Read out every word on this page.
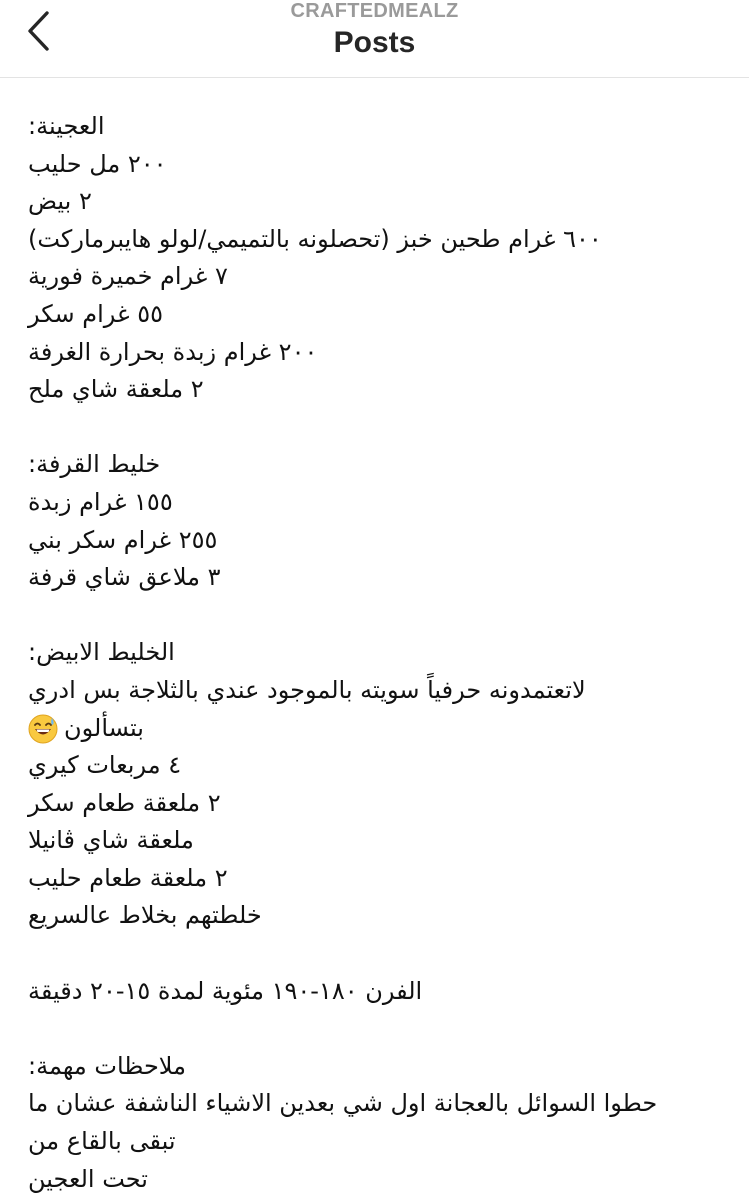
CRAFTEDMEALZ
Posts
العجينة:
٢٠٠ مل حليب
٢ بيض
٦٠٠ غرام طحين خبز (تحصلونه بالتميمي/لولو هايبرماركت)
٧ غرام خميرة فورية
٥٥ غرام سكر
٢٠٠ غرام زبدة بحرارة الغرفة
٢ ملعقة شاي ملح
خليط القرفة:
١٥٥ غرام زبدة
٢٥٥ غرام سكر بني
٣ ملاعق شاي قرفة
الخليط الابيض:
لاتعتمدونه حرفياً سويته بالموجود عندي بالثلاجة بس ادري
بتسألون
٤ مربعات كيري
٢ ملعقة طعام سكر
ملعقة شاي ڤانيلا
٢ ملعقة طعام حليب
خلطتهم بخلاط عالسريع
الفرن ١٨٠-١٩٠ مئوية لمدة ١٥-٢٠ دقيقة
ملاحظات مهمة:
حطوا السوائل بالعجانة اول شي بعدين الاشياء الناشفة عشان ما
تبقى بالقاع من
تحت العجين
